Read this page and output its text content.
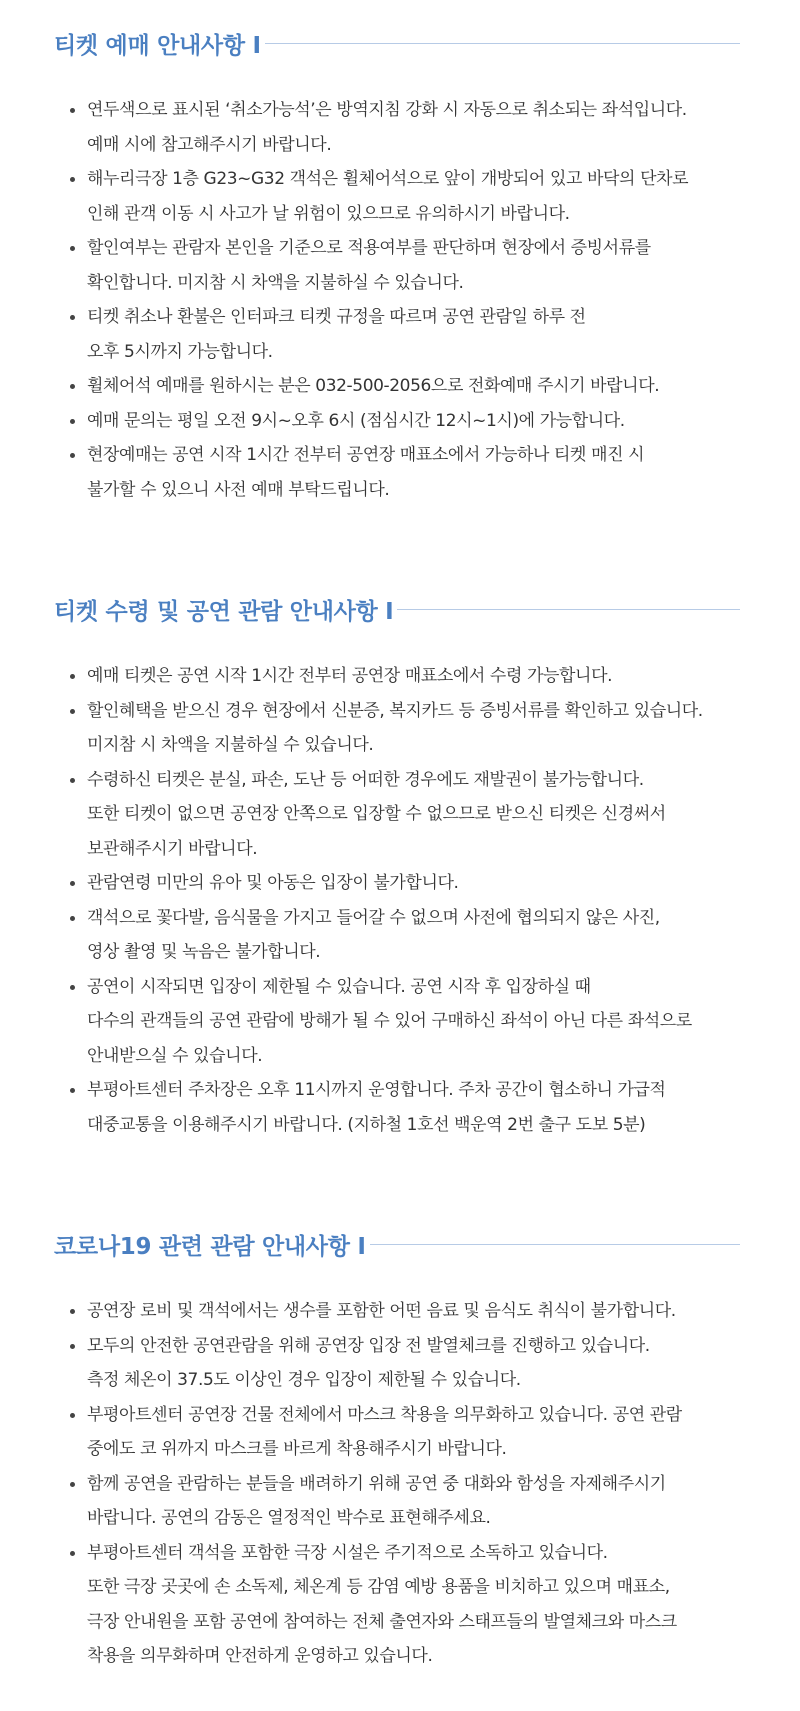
티켓 예매 안내사항 I
연두색으로 표시된 ‘취소가능석’은 방역지침 강화 시 자동으로 취소되는 좌석입니다.
예매 시에 참고해주시기 바랍니다.
해누리극장 1층 G23~G32 객석은 휠체어석으로 앞이 개방되어 있고 바닥의 단차로
인해 관객 이동 시 사고가 날 위험이 있으므로 유의하시기 바랍니다.
할인여부는 관람자 본인을 기준으로 적용여부를 판단하며 현장에서 증빙서류를
확인합니다. 미지참 시 차액을 지불하실 수 있습니다.
티켓 취소나 환불은 인터파크 티켓 규정을 따르며 공연 관람일 하루 전
오후 5시까지 가능합니다.
휠체어석 예매를 원하시는 분은 032-500-2056으로 전화예매 주시기 바랍니다.
예매 문의는 평일 오전 9시~오후 6시 (점심시간 12시~1시)에 가능합니다.
현장예매는 공연 시작 1시간 전부터 공연장 매표소에서 가능하나 티켓 매진 시
불가할 수 있으니 사전 예매 부탁드립니다.
티켓 수령 및 공연 관람 안내사항 I
예매 티켓은 공연 시작 1시간 전부터 공연장 매표소에서 수령 가능합니다.
할인혜택을 받으신 경우 현장에서 신분증, 복지카드 등 증빙서류를 확인하고 있습니다.
미지참 시 차액을 지불하실 수 있습니다.
수령하신 티켓은 분실, 파손, 도난 등 어떠한 경우에도 재발권이 불가능합니다.
또한 티켓이 없으면 공연장 안쪽으로 입장할 수 없으므로 받으신 티켓은 신경써서
보관해주시기 바랍니다.
관람연령 미만의 유아 및 아동은 입장이 불가합니다.
객석으로 꽃다발, 음식물을 가지고 들어갈 수 없으며 사전에 협의되지 않은 사진,
영상 촬영 및 녹음은 불가합니다.
공연이 시작되면 입장이 제한될 수 있습니다. 공연 시작 후 입장하실 때
다수의 관객들의 공연 관람에 방해가 될 수 있어 구매하신 좌석이 아닌 다른 좌석으로
안내받으실 수 있습니다.
부평아트센터 주차장은 오후 11시까지 운영합니다. 주차 공간이 협소하니 가급적
대중교통을 이용해주시기 바랍니다. (지하철 1호선 백운역 2번 출구 도보 5분)
코로나19 관련 관람 안내사항 I
공연장 로비 및 객석에서는 생수를 포함한 어떤 음료 및 음식도 취식이 불가합니다.
모두의 안전한 공연관람을 위해 공연장 입장 전 발열체크를 진행하고 있습니다.
측정 체온이 37.5도 이상인 경우 입장이 제한될 수 있습니다.
부평아트센터 공연장 건물 전체에서 마스크 착용을 의무화하고 있습니다. 공연 관람
중에도 코 위까지 마스크를 바르게 착용해주시기 바랍니다.
함께 공연을 관람하는 분들을 배려하기 위해 공연 중 대화와 함성을 자제해주시기
바랍니다. 공연의 감동은 열정적인 박수로 표현해주세요.
부평아트센터 객석을 포함한 극장 시설은 주기적으로 소독하고 있습니다.
또한 극장 곳곳에 손 소독제, 체온계 등 감염 예방 용품을 비치하고 있으며 매표소,
극장 안내원을 포함 공연에 참여하는 전체 출연자와 스태프들의 발열체크와 마스크
착용을 의무화하며 안전하게 운영하고 있습니다.
